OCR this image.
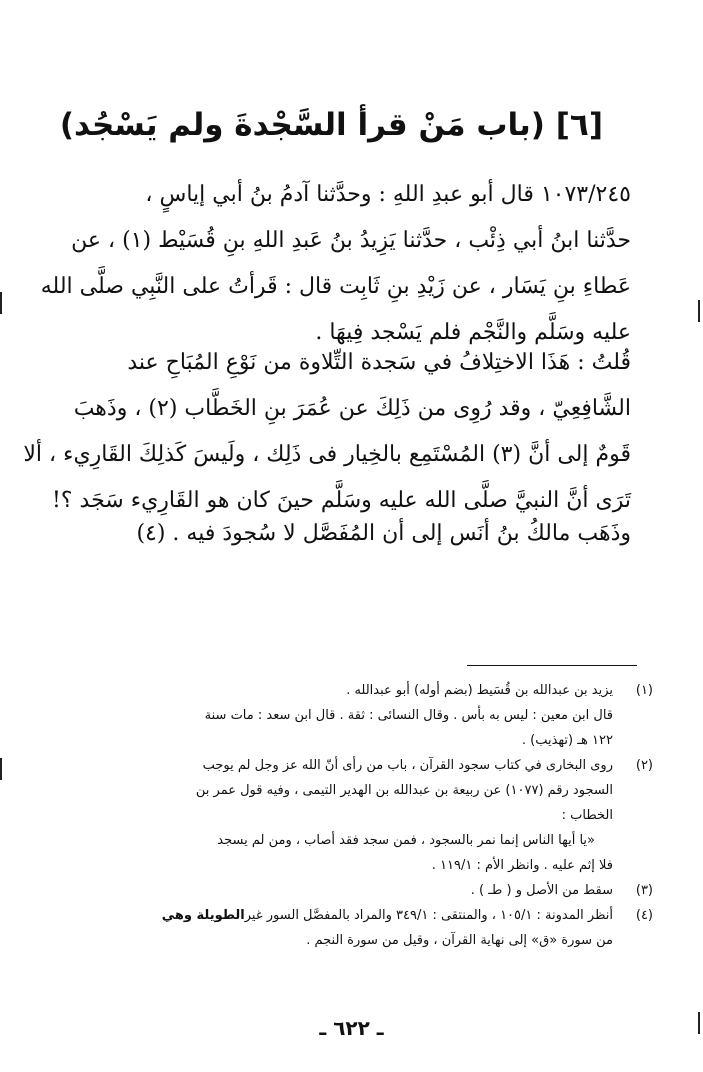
[٦] (باب مَنْ قرأ السَّجْدةَ ولم يَسْجُد)
١٠٧٣/٢٤٥ قال أبو عبدِ اللهِ : وحدَّثنا آدمُ بنُ أبي إياسٍ ،
حدَّثنا ابنُ أبي ذِئْب ، حدَّثنا يَزِيدُ بنُ عَبدِ اللهِ بنِ قُسَيْط (١) ، عن
عَطاءِ بنِ يَسَار ، عن زَيْدِ بنِ ثَابِت قال : قَرأتُ على النَّبِي صلَّى الله
عليه وسَلَّم والنَّجْم فلم يَسْجد فِيهَا .
قُلتُ : هَذَا الاختِلافُ في سَجدة التِّلاوة من نَوْعِ المُبَاحِ عند
الشَّافِعِيّ ، وقد رُوِى من ذَلِكَ عن عُمَرَ بنِ الخَطَّاب (٢) ، وذَهبَ
قَومٌ إلى أنَّ (٣) المُسْتَمِع بالخِيار فى ذَلِك ، ولَيسَ كَذلِكَ القَارِيء ، ألا
تَرَى أنَّ النبيَّ صلَّى الله عليه وسَلَّم حينَ كان هو القَارِيء سَجَد ؟!
وذَهَب مالكُ بنُ أنَس إلى أن المُفَصَّل لا سُجودَ فيه . (٤)
(١)
يزيد بن عبدالله بن قُسَيط (بضم أوله) أبو عبدالله .
قال ابن معين : ليس به بأس . وقال النسائى : ثقة . قال ابن سعد : مات سنة
١٢٢ هـ (تهذيب) .
(٢)
روى البخارى في كتاب سجود القرآن ، باب من رأى أنّ الله عز وجل لم يوجب
السجود رقم (١٠٧٧) عن ربيعة بن عبدالله بن الهدير التيمى ، وفيه قول عمر بن
الخطاب :
«يا أيها الناس إنما نمر بالسجود ، فمن سجد فقد أصاب ، ومن لم يسجد
فلا إثم عليه . وانظر الأم : ١١٩/١ .
(٣)
سقط من الأصل و ( طـ ) .
(٤)
أنظر المدونة : ١٠٥/١ ، والمنتقى : ٣٤٩/١ والمراد بالمفصَّل السور غيرالطويلة وهي
من سورة «ق» إلى نهاية القرآن ، وقيل من سورة النجم .
ـ ٦٢٢ ـ
